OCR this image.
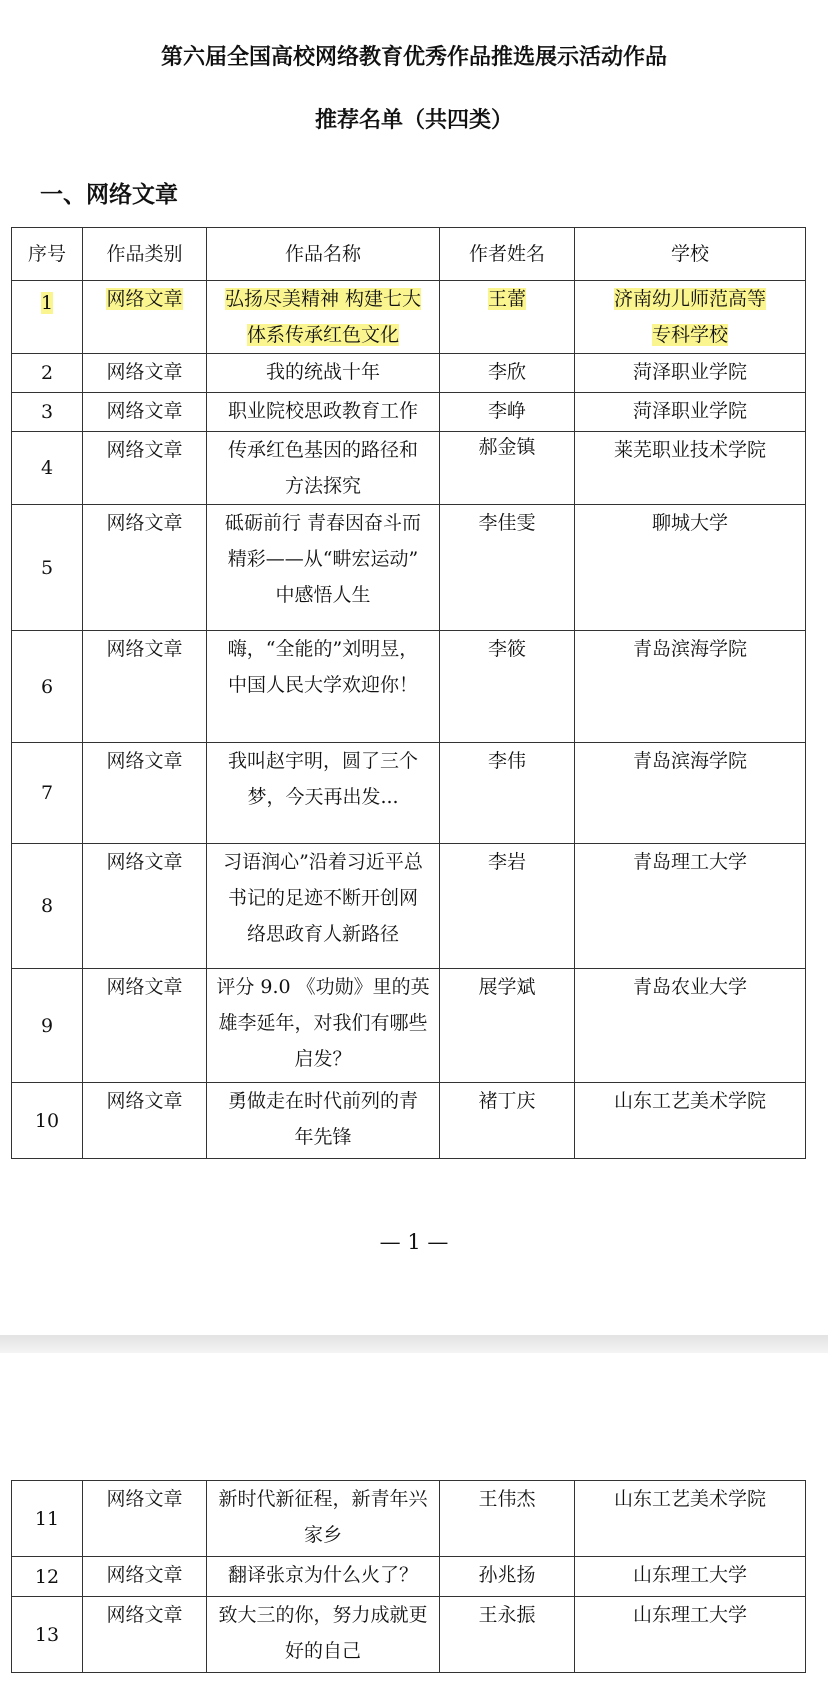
第六届全国高校网络教育优秀作品推选展示活动作品
推荐名单（共四类）
一、网络文章
序号	作品类别	作品名称	作者姓名	学校
1	网络文章	弘扬尽美精神 构建七大
体系传承红色文化	王蕾	济南幼儿师范高等
专科学校
2	网络文章	我的统战十年	李欣	菏泽职业学院
3	网络文章	职业院校思政教育工作	李峥	菏泽职业学院
4	网络文章	传承红色基因的路径和
方法探究	郝金镇	莱芜职业技术学院
5	网络文章	砥砺前行 青春因奋斗而
精彩——从“畊宏运动”
中感悟人生	李佳雯	聊城大学
6	网络文章	嗨，“全能的”刘明昱，
中国人民大学欢迎你！	李筱	青岛滨海学院
7	网络文章	我叫赵宇明，圆了三个
梦，今天再出发...	李伟	青岛滨海学院
8	网络文章	习语润心”沿着习近平总
书记的足迹不断开创网
络思政育人新路径	李岩	青岛理工大学
9	网络文章	评分 9.0 《功勋》里的英
雄李延年，对我们有哪些
启发？	展学斌	青岛农业大学
10	网络文章	勇做走在时代前列的青
年先锋	褚丁庆	山东工艺美术学院
— 1 —
11	网络文章	新时代新征程，新青年兴
家乡	王伟杰	山东工艺美术学院
12	网络文章	翻译张京为什么火了？	孙兆扬	山东理工大学
13	网络文章	致大三的你，努力成就更
好的自己	王永振	山东理工大学
